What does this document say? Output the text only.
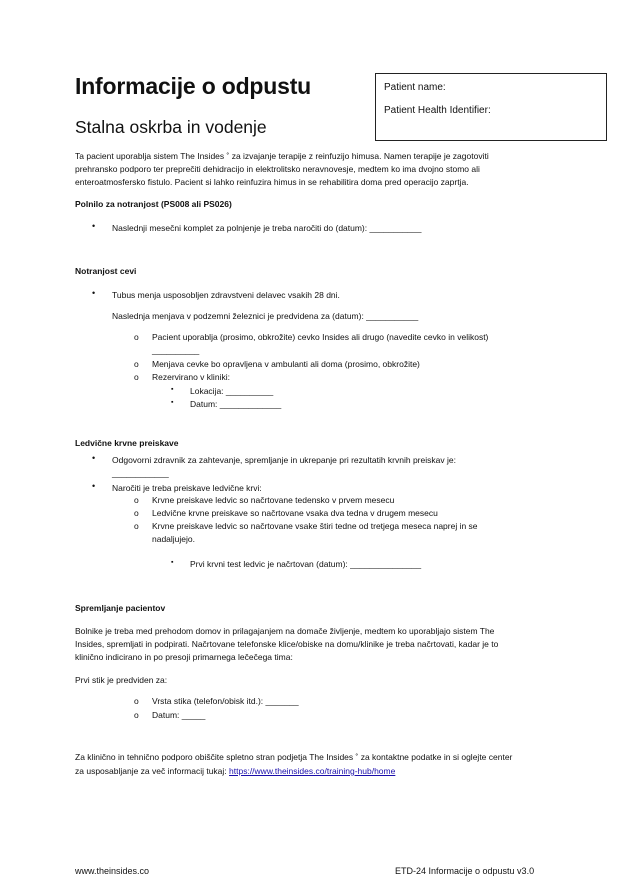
Informacije o odpustu
Stalna oskrba in vodenje
Patient name:
Patient Health Identifier:
Ta pacient uporablja sistem The Insides ˚ za izvajanje terapije z reinfuzijo himusa. Namen terapije je zagotoviti
prehransko podporo ter preprečiti dehidracijo in elektrolitsko neravnovesje, medtem ko ima dvojno stomo ali
enteroatmosfersko fistulo. Pacient si lahko reinfuzira himus in se rehabilitira doma pred operacijo zaprtja.
Polnilo za notranjost (PS008 ali PS026)
• Naslednji mesečni komplet za polnjenje je treba naročiti do (datum): ___________
Notranjost cevi
• Tubus menja usposobljen zdravstveni delavec vsakih 28 dni.
Naslednja menjava v podzemni železnici je predvidena za (datum): ___________
o Pacient uporablja (prosimo, obkrožite) cevko Insides ali drugo (navedite cevko in velikost)
__________
o Menjava cevke bo opravljena v ambulanti ali doma (prosimo, obkrožite)
o Rezervirano v kliniki:
▪ Lokacija: __________
▪ Datum: _____________
Ledvične krvne preiskave
• Odgovorni zdravnik za zahtevanje, spremljanje in ukrepanje pri rezultatih krvnih preiskav je:
____________
• Naročiti je treba preiskave ledvične krvi:
o Krvne preiskave ledvic so načrtovane tedensko v prvem mesecu
o Ledvične krvne preiskave so načrtovane vsaka dva tedna v drugem mesecu
o Krvne preiskave ledvic so načrtovane vsake štiri tedne od tretjega meseca naprej in se
nadaljujejo.
▪ Prvi krvni test ledvic je načrtovan (datum): _______________
Spremljanje pacientov
Bolnike je treba med prehodom domov in prilagajanjem na domače življenje, medtem ko uporabljajo sistem The
Insides, spremljati in podpirati. Načrtovane telefonske klice/obiske na domu/klinike je treba načrtovati, kadar je to
klinično indicirano in po presoji primarnega lečečega tima:
Prvi stik je predviden za:
o Vrsta stika (telefon/obisk itd.): _______
o Datum: _____
Za klinično in tehnično podporo obiščite spletno stran podjetja The Insides ˚ za kontaktne podatke in si oglejte center
za usposabljanje za več informacij tukaj: https://www.theinsides.co/training-hub/home
www.theinsides.co	ETD-24 Informacije o odpustu v3.0
